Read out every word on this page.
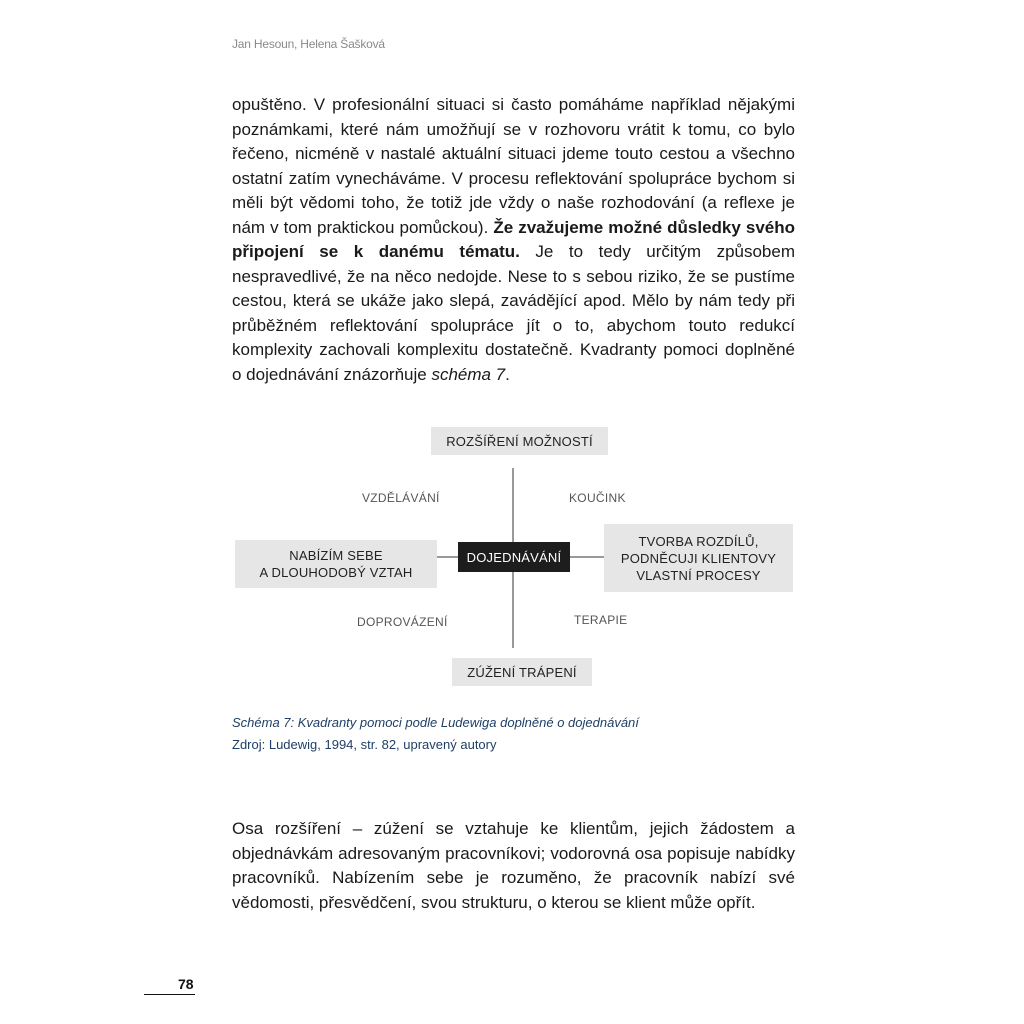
Jan Hesoun, Helena Šašková

opuštěno. V profesionální situaci si často pomáháme například nějakými poznámkami, které nám umožňují se v rozhovoru vrátit k tomu, co bylo řečeno, nicméně v nastalé aktuální situaci jdeme touto cestou a všechno ostatní zatím vynecháváme. V procesu reflektování spolupráce bychom si měli být vědomi toho, že totiž jde vždy o naše rozhodování (a reflexe je nám v tom praktickou pomůckou). Že zvažujeme možné důsledky svého připojení se k danému tématu. Je to tedy určitým způsobem nespravedlivé, že na něco nedojde. Nese to s sebou riziko, že se pustíme cestou, která se ukáže jako slepá, zavádějící apod. Mělo by nám tedy při průběžném reflektování spolupráce jít o to, abychom touto redukcí komplexity zachovali komplexitu dostatečně. Kvadranty pomoci doplněné o dojednávání znázorňuje schéma 7.

ROZŠÍŘENÍ MOŽNOSTÍ
ZÚŽENÍ TRÁPENÍ
NABÍZÍM SEBE
A DLOUHODOBÝ VZTAH
TVORBA ROZDÍLŮ,
PODNĚCUJI KLIENTOVY
VLASTNÍ PROCESY
DOJEDNÁVÁNÍ
VZDĚLÁVÁNÍ	KOUČINK
DOPROVÁZENÍ	TERAPIE
Schéma 7: Kvadranty pomoci podle Ludewiga doplněné o dojednávání
Zdroj: Ludewig, 1994, str. 82, upravený autory

Osa rozšíření – zúžení se vztahuje ke klientům, jejich žádostem a objednávkám adresovaným pracovníkovi; vodorovná osa popisuje nabídky pracovníků. Nabízením sebe je rozuměno, že pracovník nabízí své vědomosti, přesvědčení, svou strukturu, o kterou se klient může opřít.

78
